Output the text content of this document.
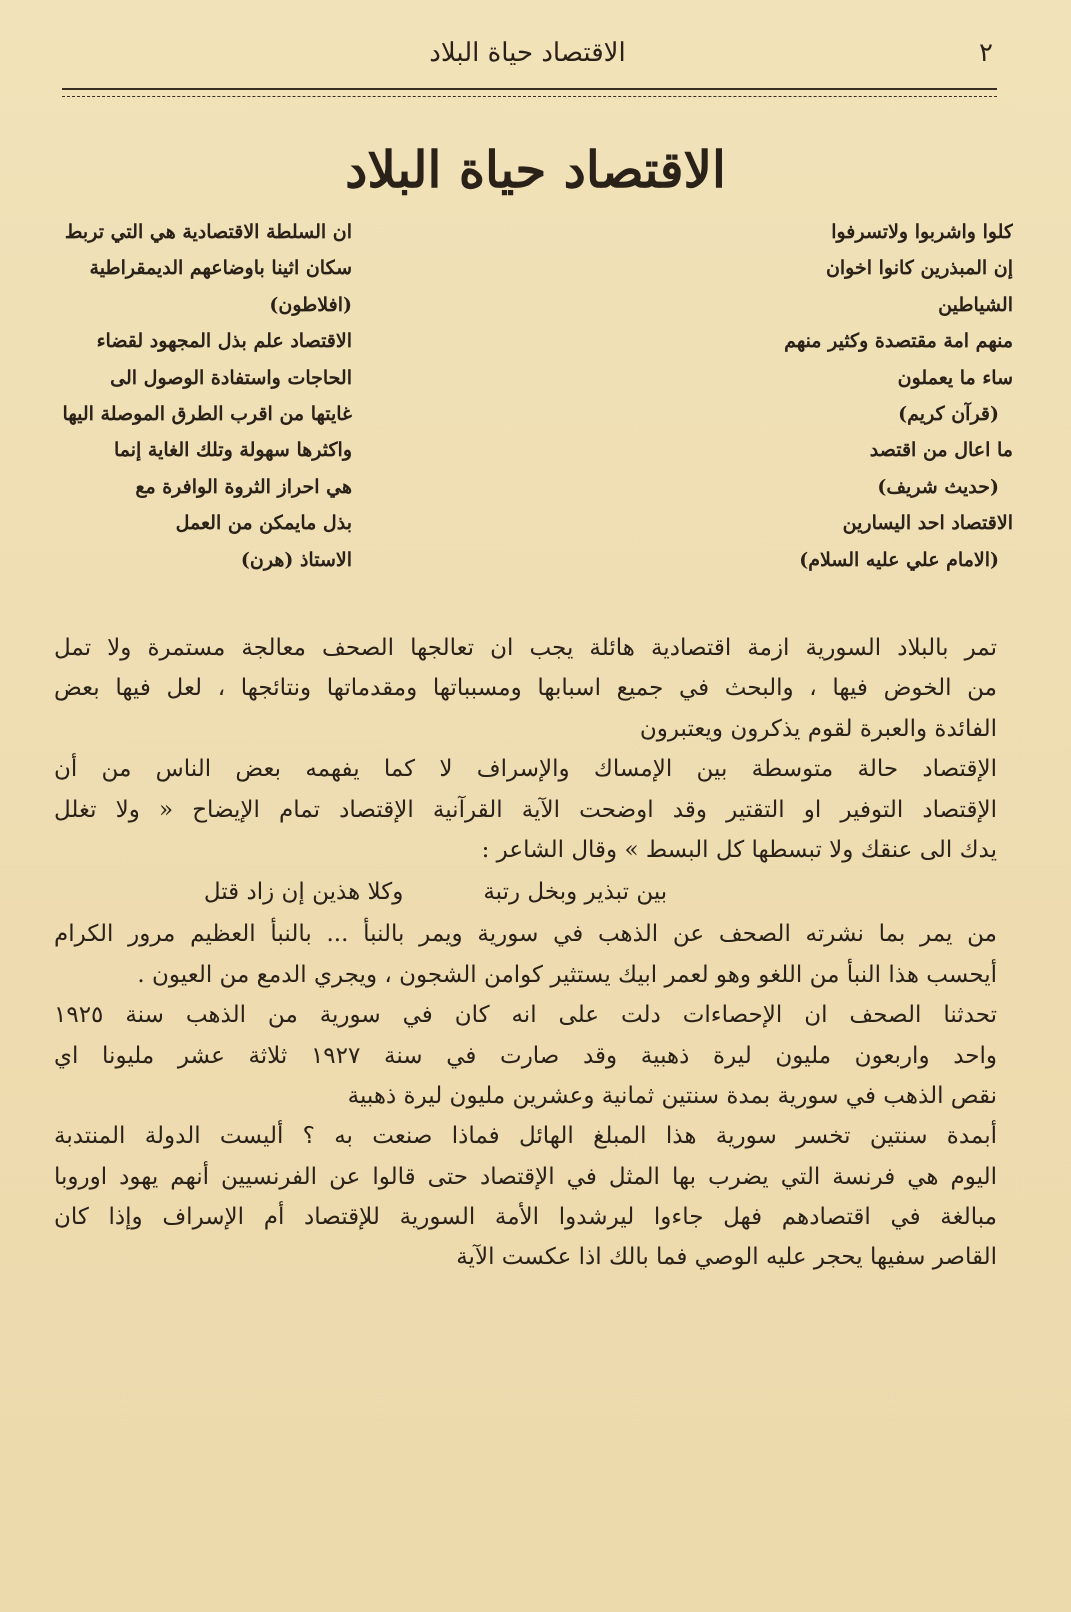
الاقتصاد حياة البلاد	٢
الاقتصاد حياة البلاد
كلوا واشربوا ولاتسرفوا
إن المبذرين كانوا اخوان
الشياطين
منهم امة مقتصدة وكثير منهم
ساء ما يعملون
(قرآن كريم)
ما اعال من اقتصد
(حديث شريف)
الاقتصاد احد اليسارين
(الامام علي عليه السلام)
ان السلطة الاقتصادية هي التي تربط
سكان اثينا باوضاعهم الديمقراطية
(افلاطون)
الاقتصاد علم بذل المجهود لقضاء
الحاجات واستفادة الوصول الى
غايتها من اقرب الطرق الموصلة اليها
واكثرها سهولة وتلك الغاية إنما
هي احراز الثروة الوافرة مع
بذل مايمكن من العمل
الاستاذ (هرن)
تمر بالبلاد السورية ازمة اقتصادية هائلة يجب ان تعالجها الصحف معالجة مستمرة ولا تمل
من الخوض فيها ، والبحث في جميع اسبابها ومسبباتها ومقدماتها ونتائجها ، لعل فيها بعض
الفائدة والعبرة لقوم يذكرون ويعتبرون
الإقتصاد حالة متوسطة بين الإمساك والإسراف لا كما يفهمه بعض الناس من أن
الإقتصاد التوفير او التقتير وقد اوضحت الآية القرآنية الإقتصاد تمام الإيضاح « ولا تغلل
يدك الى عنقك ولا تبسطها كل البسط » وقال الشاعر :
بين تبذير وبخل رتبة
وكلا هذين إن زاد قتل
من يمر بما نشرته الصحف عن الذهب في سورية ويمر بالنبأ ... بالنبأ العظيم مرور الكرام
أيحسب هذا النبأ من اللغو وهو لعمر ابيك يستثير كوامن الشجون ، ويجري الدمع من العيون .
تحدثنا الصحف ان الإحصاءات دلت على انه كان في سورية من الذهب سنة ١٩٢٥
واحد واربعون مليون ليرة ذهبية وقد صارت في سنة ١٩٢٧ ثلاثة عشر مليونا اي
نقص الذهب في سورية بمدة سنتين ثمانية وعشرين مليون ليرة ذهبية
أبمدة سنتين تخسر سورية هذا المبلغ الهائل فماذا صنعت به ؟ أليست الدولة المنتدبة
اليوم هي فرنسة التي يضرب بها المثل في الإقتصاد حتى قالوا عن الفرنسيين أنهم يهود اوروبا
مبالغة في اقتصادهم فهل جاءوا ليرشدوا الأمة السورية للإقتصاد أم الإسراف وإذا كان
القاصر سفيها يحجر عليه الوصي فما بالك اذا عكست الآية
